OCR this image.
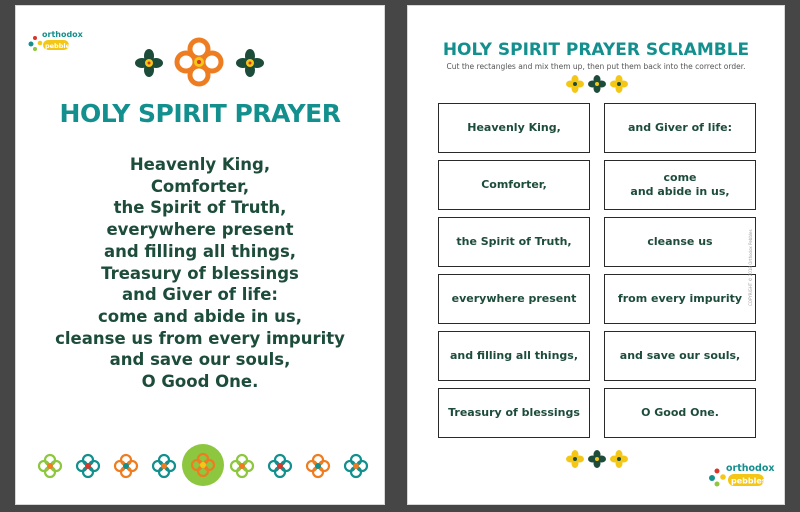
orthodox
pebbles
HOLY SPIRIT PRAYER
Heavenly King,
Comforter,
the Spirit of Truth,
everywhere present
and filling all things,
Treasury of blessings
and Giver of life:
come and abide in us,
cleanse us from every impurity
and save our souls,
O Good One.
HOLY SPIRIT PRAYER SCRAMBLE
Cut the rectangles and mix them up, then put them back into the correct order.
Heavenly King,
Comforter,
the Spirit of Truth,
everywhere present
and filling all things,
Treasury of blessings
and Giver of life:
come
and abide in us,
cleanse us
from every impurity
and save our souls,
O Good One.
COPYRIGHT © 2018 Orthodox Pebbles
orthodox
pebbles
